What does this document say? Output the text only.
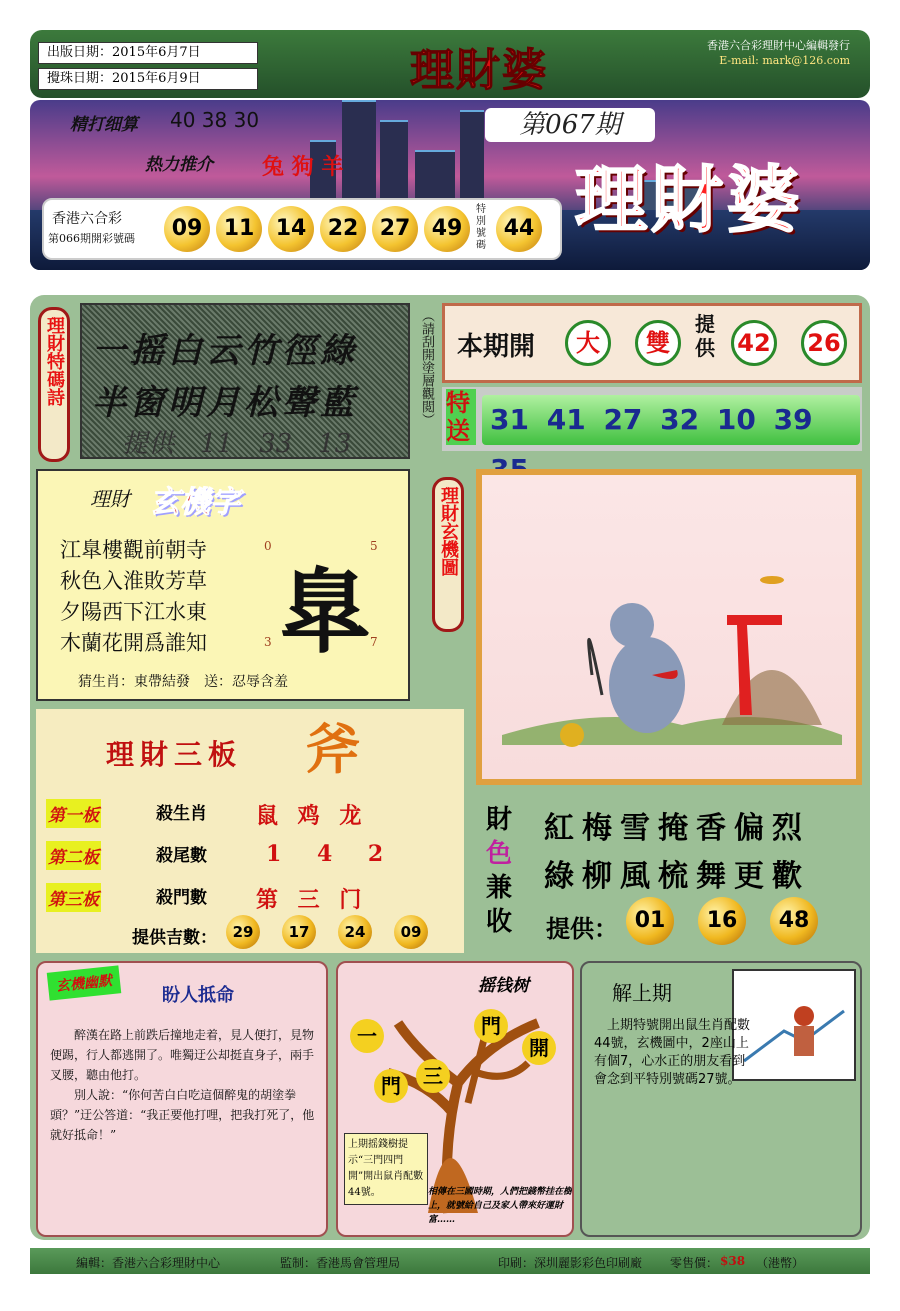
出版日期：2015年6月7日
攪珠日期：2015年6月9日	理財婆	香港六合彩理財中心編輯發行
E-mail: mark@126.com
精打细算 40 38 30
热力推介 兔 狗 羊
第067期
理財婆
香港六合彩
第066期開彩號碼	09 11 14 22 27 49
特別號碼
44
理財特碼詩 一摇白云竹徑綠
半窗明月松聲藍
提供　11　33　13
（請刮開塗層觀閲） 本期開	大	雙
提供 42 26
特送 31 41 27 32 10 39
理財 玄機字
江臯樓觀前朝寺
秋色入淮敗芳草
夕陽西下江水東
木蘭花開爲誰知 臯
0	5
3	7
猜生肖：東帶結發　送：忍辱含羞
理財玄機圖
理財三板 斧
第一板	殺生肖 鼠 鸡 龙
第二板	殺尾數	1 4 2
第三板	殺門數 第 三 门
提供吉數：	29	17	24	09
財
色
兼
收
紅梅雪掩香偏烈
綠柳風梳舞更歡
提供： 01	16	48
玄機幽默
盼人抵命

醉漢在路上前跌后撞地走着，見人便打，見物便踢，行人都逃開了。唯獨迂公却挺直身子，兩手叉腰，聽由他打。

別人說：“你何苦白白吃這個醉鬼的胡塗拳頭？”迂公答道：“我正要他打哩，把我打死了，他就好抵命！”

摇钱树
一	門
三
門
開
上期摇錢樹提示“三門四門開”開出鼠肖配數44號。	相傳在三國時期，人們把錢幣挂在樹上，就號給自己及家人帶來好運財富……
解上期
上期特號開出鼠生肖配數44號，玄機圖中，2座山上有個7，心水正的朋友看到會念到平特別號碼27號。
編輯：香港六合彩理財中心	監制：香港馬會管理局	印刷：深圳麗影彩色印刷廠 零售價： $38 （港幣）
